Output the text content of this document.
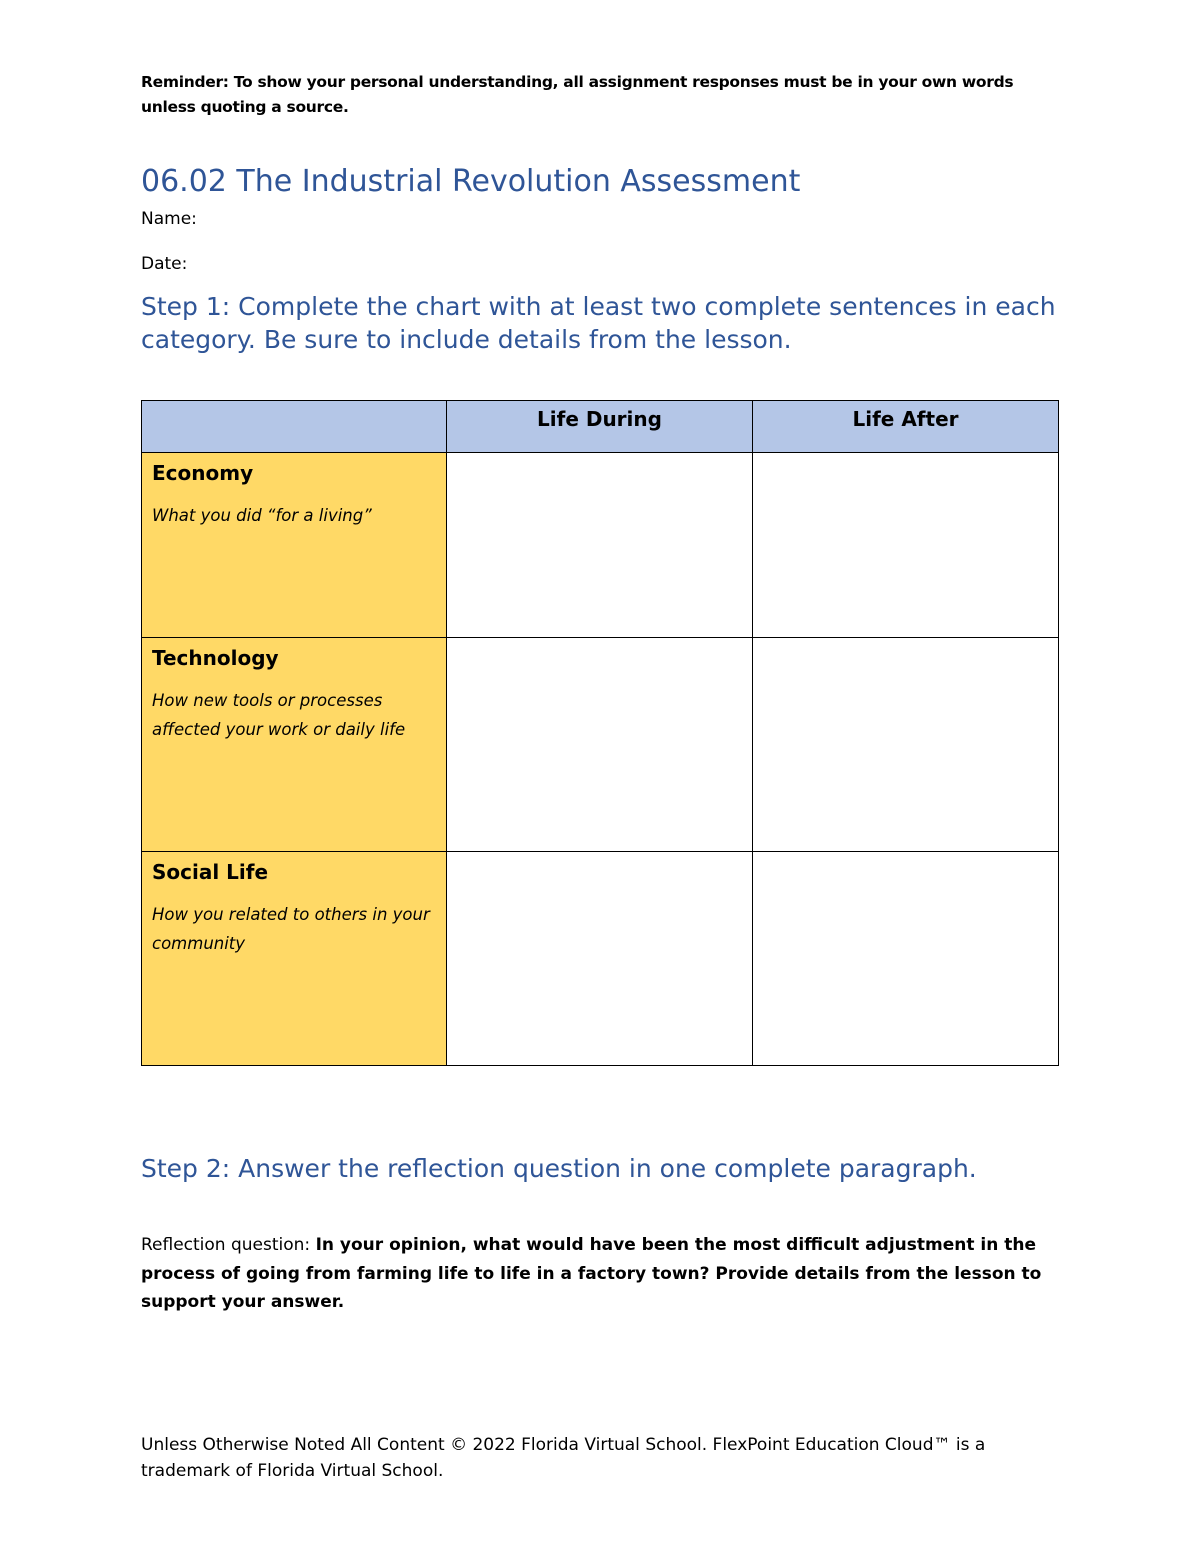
Reminder: To show your personal understanding, all assignment responses must be in your own words unless quoting a source.
06.02 The Industrial Revolution Assessment
Name:
Date:
Step 1: Complete the chart with at least two complete sentences in each category. Be sure to include details from the lesson.
	Life During	Life After

Economy
What you did “for a living”		

Technology
How new tools or processes affected your work or daily life		

Social Life
How you related to others in your community		

Step 2: Answer the reflection question in one complete paragraph.
Reflection question: In your opinion, what would have been the most difficult adjustment in the process of going from farming life to life in a factory town? Provide details from the lesson to support your answer.
Unless Otherwise Noted All Content © 2022 Florida Virtual School. FlexPoint Education Cloud™ is a trademark of Florida Virtual School.
